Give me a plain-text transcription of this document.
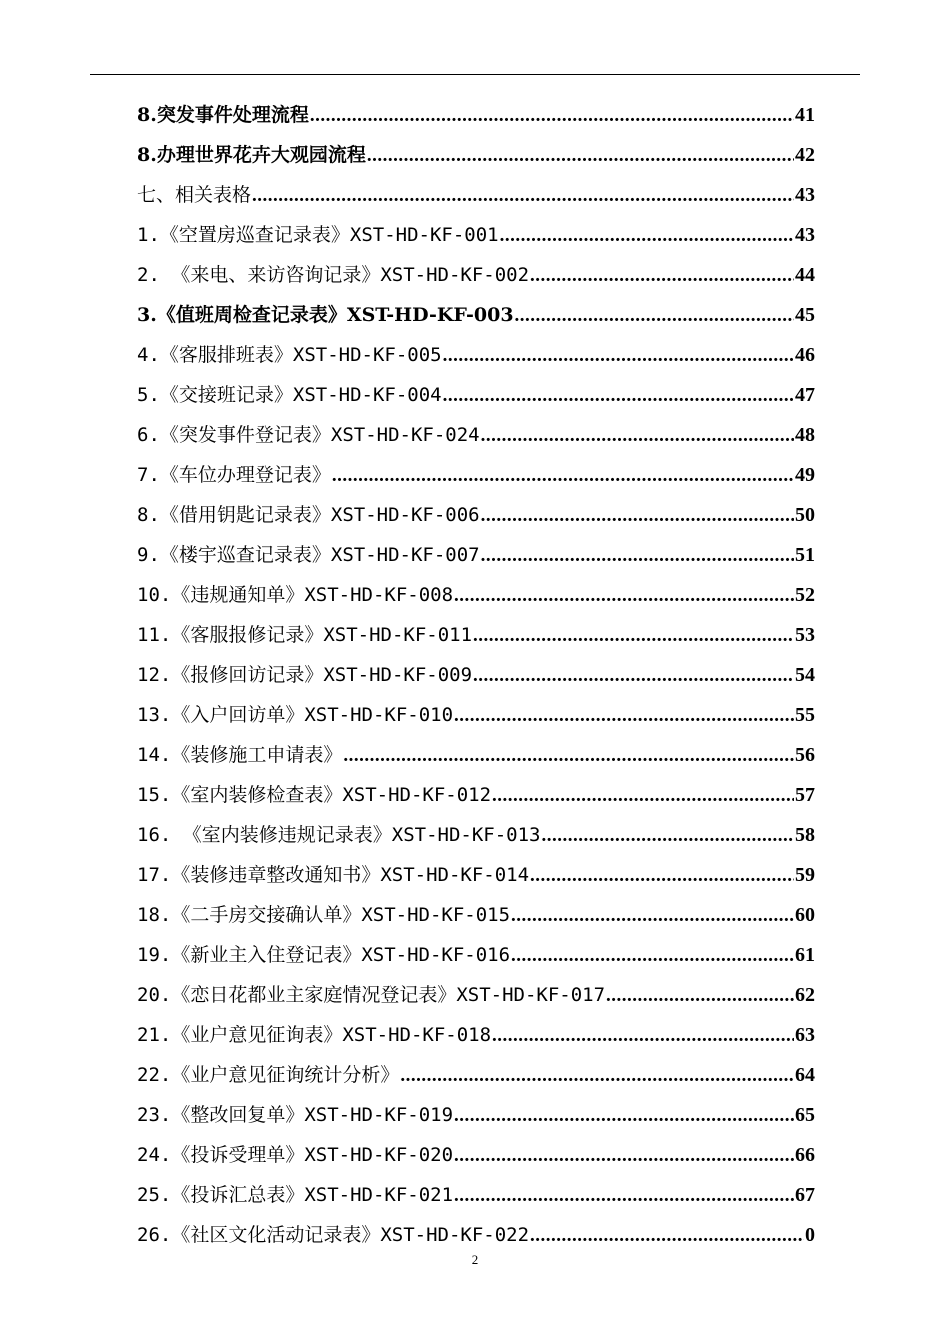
8.突发事件处理流程 .....	41
8.办理世界花卉大观园流程 .....	42
七、相关表格 .....	43
1.《空置房巡查记录表》XST-HD-KF-001 .....	43
2. 《来电、来访咨询记录》XST-HD-KF-002 .....	44
3.《值班周检查记录表》XST-HD-KF-003 .....	45
4.《客服排班表》XST-HD-KF-005 .....	46
5.《交接班记录》XST-HD-KF-004 .....	47
6.《突发事件登记表》XST-HD-KF-024 .....	48
7.《车位办理登记表》 .....	49
8.《借用钥匙记录表》XST-HD-KF-006 .....	50
9.《楼宇巡查记录表》XST-HD-KF-007 .....	51
10.《违规通知单》XST-HD-KF-008 .....	52
11.《客服报修记录》XST-HD-KF-011 .....	53
12.《报修回访记录》XST-HD-KF-009 .....	54
13.《入户回访单》XST-HD-KF-010 .....	55
14.《装修施工申请表》 .....	56
15.《室内装修检查表》XST-HD-KF-012 .....	57
16. 《室内装修违规记录表》XST-HD-KF-013 .....	58
17.《装修违章整改通知书》XST-HD-KF-014 .....	59
18.《二手房交接确认单》XST-HD-KF-015 .....	60
19.《新业主入住登记表》XST-HD-KF-016 .....	61
20.《恋日花都业主家庭情况登记表》XST-HD-KF-017 .....	62
21.《业户意见征询表》XST-HD-KF-018 .....	63
22.《业户意见征询统计分析》 .....	64
23.《整改回复单》XST-HD-KF-019 .....	65
24.《投诉受理单》XST-HD-KF-020 .....	66
25.《投诉汇总表》XST-HD-KF-021 .....	67
26.《社区文化活动记录表》XST-HD-KF-022 .....	0
2
